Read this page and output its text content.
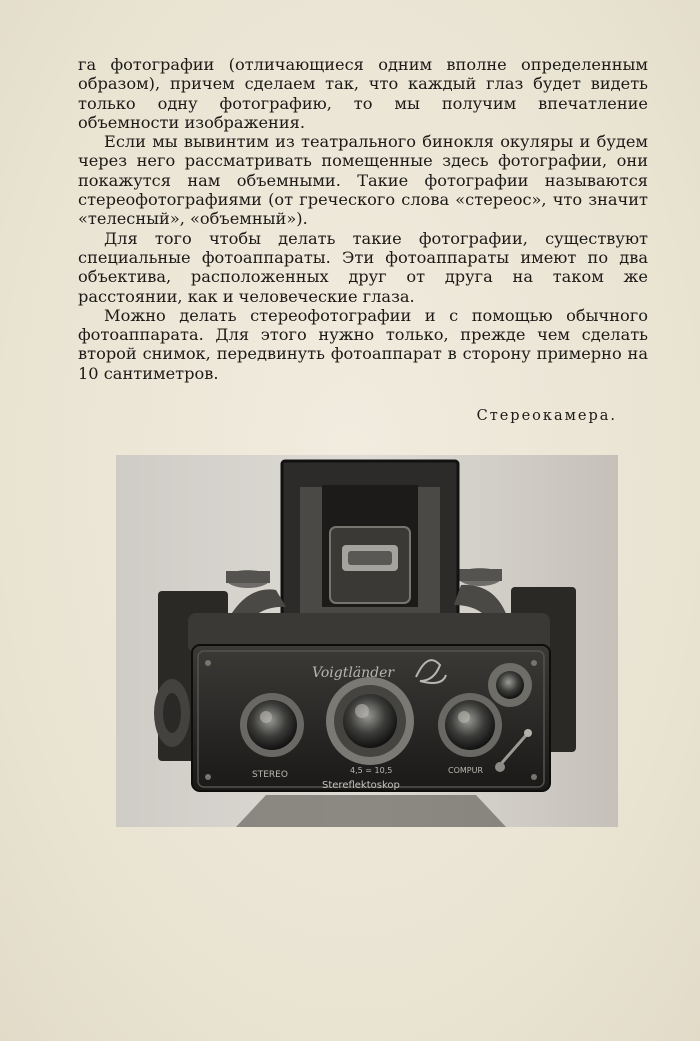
га фотографии (отличающиеся одним вполне определенным образом), причем сделаем так, что каждый глаз будет видеть только одну фотографию, то мы получим впечатление объемности изображения.

Если мы вывинтим из театрального бинокля окуляры и будем через него рассматривать помещенные здесь фотографии, они покажутся нам объемными. Такие фотографии называются стереофотографиями (от греческого слова «стереос», что значит «телесный», «объемный»).

Для того чтобы делать такие фотографии, существуют специальные фотоаппараты. Эти фотоаппараты имеют по два объектива, расположенных друг от друга на таком же расстоянии, как и человеческие глаза.

Можно делать стереофотографии и с помощью обычного фотоаппарата. Для этого нужно только, прежде чем сделать второй снимок, передвинуть фотоаппарат в сторону примерно на 10 сантиметров.

Стереокамера.
Voigtländer
STEREO	4,5 = 10,5
Stereflektoskop
COMPUR
